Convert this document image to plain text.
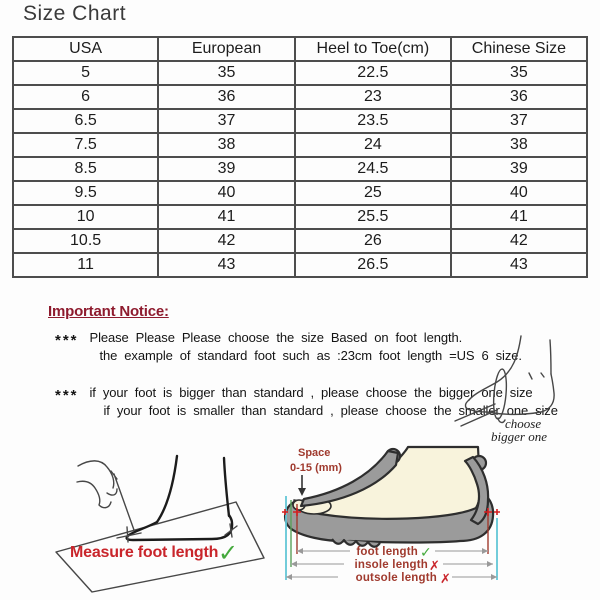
Size Chart
USA	European	Heel to Toe(cm)	Chinese Size
5	35	22.5	35
6	36	23	36
6.5	37	23.5	37
7.5	38	24	38
8.5	39	24.5	39
9.5	40	25	40
10	41	25.5	41
10.5	42	26	42
11	43	26.5	43
Important Notice:
*** Please Please Please choose the size Based on foot length.
the example of standard foot such as :23cm foot length =US 6 size.
*** if your foot is bigger than standard , please choose the bigger one size
if your foot is smaller than standard , please choose the smaller one size
choose
bigger one
Measure foot length ✓
Space
0-15 (mm)
foot length ✓
insole length ✗
outsole length ✗
